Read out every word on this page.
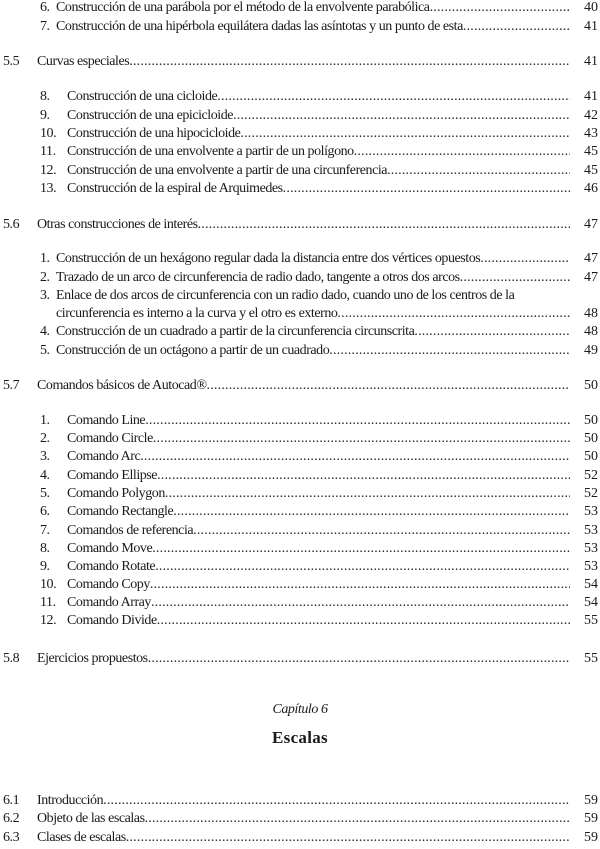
6. Construcción de una parábola por el método de la envolvente parabólica .....	40
7. Construcción de una hipérbola equilátera dadas las asíntotas y un punto de esta .....	41
5.5 Curvas especiales .....	41
8. Construcción de una cicloide .....	41
9. Construcción de una epicicloide .....	42
10. Construcción de una hipocicloide .....	43
11. Construcción de una envolvente a partir de un polígono .....	45
12. Construcción de una envolvente a partir de una circunferencia .....	45
13. Construcción de la espiral de Arquimedes .....	46
5.6 Otras construcciones de interés .....	47
1. Construcción de un hexágono regular dada la distancia entre dos vértices opuestos .....	47
2. Trazado de un arco de circunferencia de radio dado, tangente a otros dos arcos .....	47
3. Enlace de dos arcos de circunferencia con un radio dado, cuando uno de los centros de la
circunferencia es interno a la curva y el otro es externo .....	48
4. Construcción de un cuadrado a partir de la circunferencia circunscrita .....	48
5. Construcción de un octágono a partir de un cuadrado .....	49
5.7 Comandos básicos de Autocad® .....	50
1. Comando Line .....	50
2. Comando Circle .....	50
3. Comando Arc .....	50
4. Comando Ellipse .....	52
5. Comando Polygon .....	52
6. Comando Rectangle .....	53
7. Comandos de referencia .....	53
8. Comando Move .....	53
9. Comando Rotate .....	53
10. Comando Copy .....	54
11. Comando Array .....	54
12. Comando Divide .....	55
5.8 Ejercicios propuestos .....	55
6.1 Introducción .....	59
6.2 Objeto de las escalas .....	59
6.3 Clases de escalas .....	59
Capítulo 6
Escalas
